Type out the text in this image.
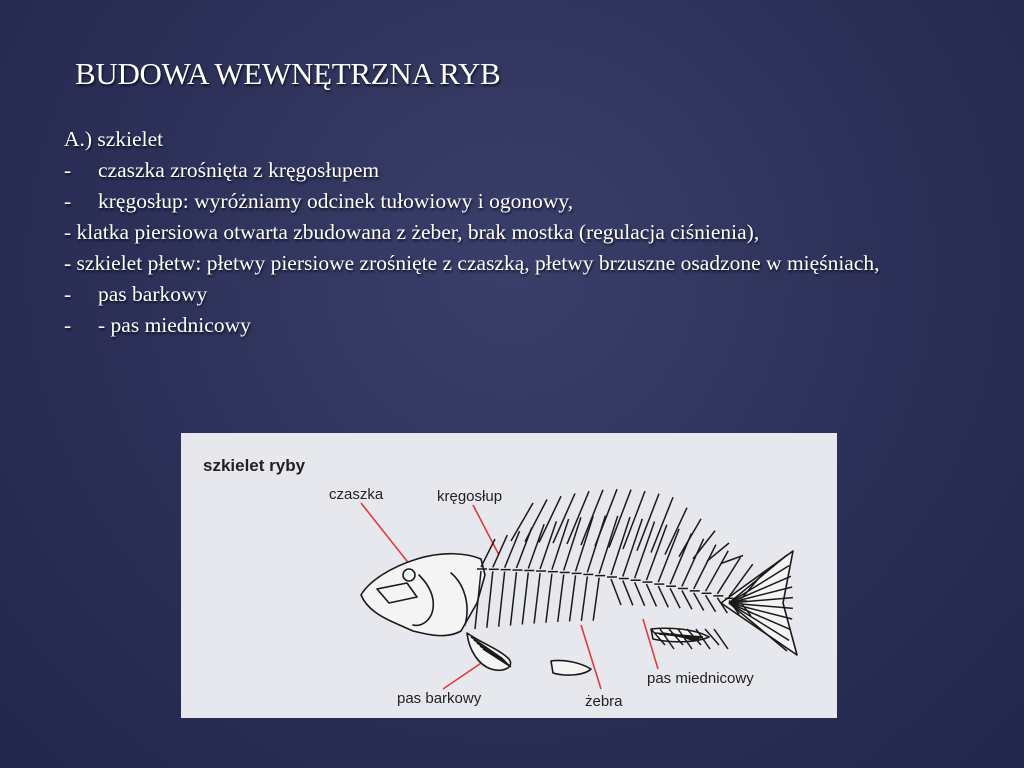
BUDOWA WEWNĘTRZNA RYB
A.) szkielet
- czaszka zrośnięta z kręgosłupem
- kręgosłup: wyróżniamy odcinek tułowiowy i ogonowy,
- klatka piersiowa otwarta zbudowana z żeber, brak mostka (regulacja ciśnienia),
- szkielet płetw: płetwy piersiowe zrośnięte z czaszką, płetwy brzuszne osadzone w mięśniach,
- pas barkowy
- - pas miednicowy
szkielet ryby
czaszka	kręgosłup
pas barkowy	żebra
pas miednicowy
